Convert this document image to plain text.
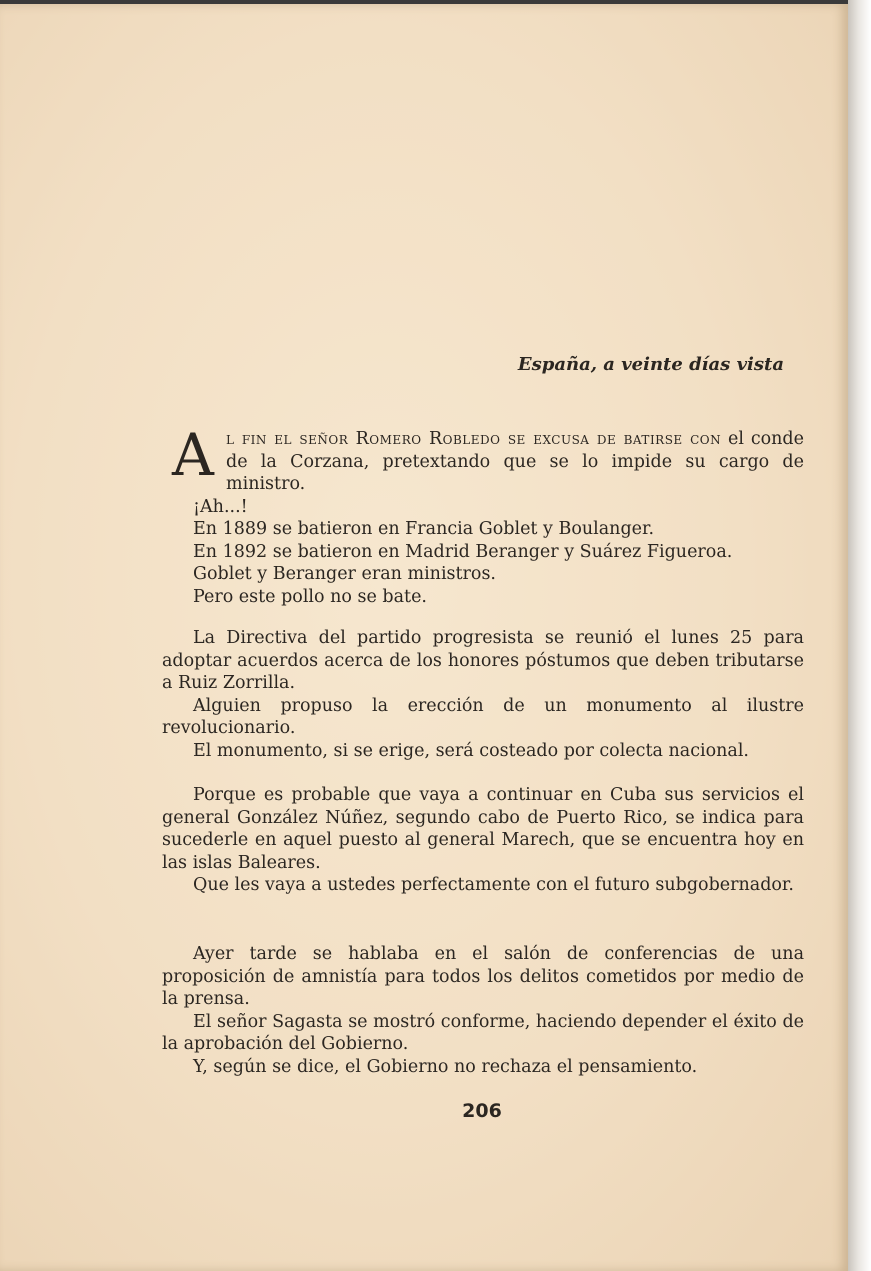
España, a veinte días vista
A l fin el señor Romero Robledo se excusa de batirse con el conde de la Corzana, pretextando que se lo impide su cargo de ministro.

¡Ah...!

En 1889 se batieron en Francia Goblet y Boulanger.

En 1892 se batieron en Madrid Beranger y Suárez Figueroa.

Goblet y Beranger eran ministros.

Pero este pollo no se bate.

La Directiva del partido progresista se reunió el lunes 25 para adoptar acuerdos acerca de los honores póstumos que deben tributarse a Ruiz Zorrilla.

Alguien propuso la erección de un monumento al ilustre revolucionario.

El monumento, si se erige, será costeado por colecta nacional.

Porque es probable que vaya a continuar en Cuba sus servicios el general González Núñez, segundo cabo de Puerto Rico, se indica para sucederle en aquel puesto al general Marech, que se encuentra hoy en las islas Baleares.

Que les vaya a ustedes perfectamente con el futuro subgobernador.

Ayer tarde se hablaba en el salón de conferencias de una proposición de amnistía para todos los delitos cometidos por medio de la prensa.

El señor Sagasta se mostró conforme, haciendo depender el éxito de la aprobación del Gobierno.

Y, según se dice, el Gobierno no rechaza el pensamiento.

206
